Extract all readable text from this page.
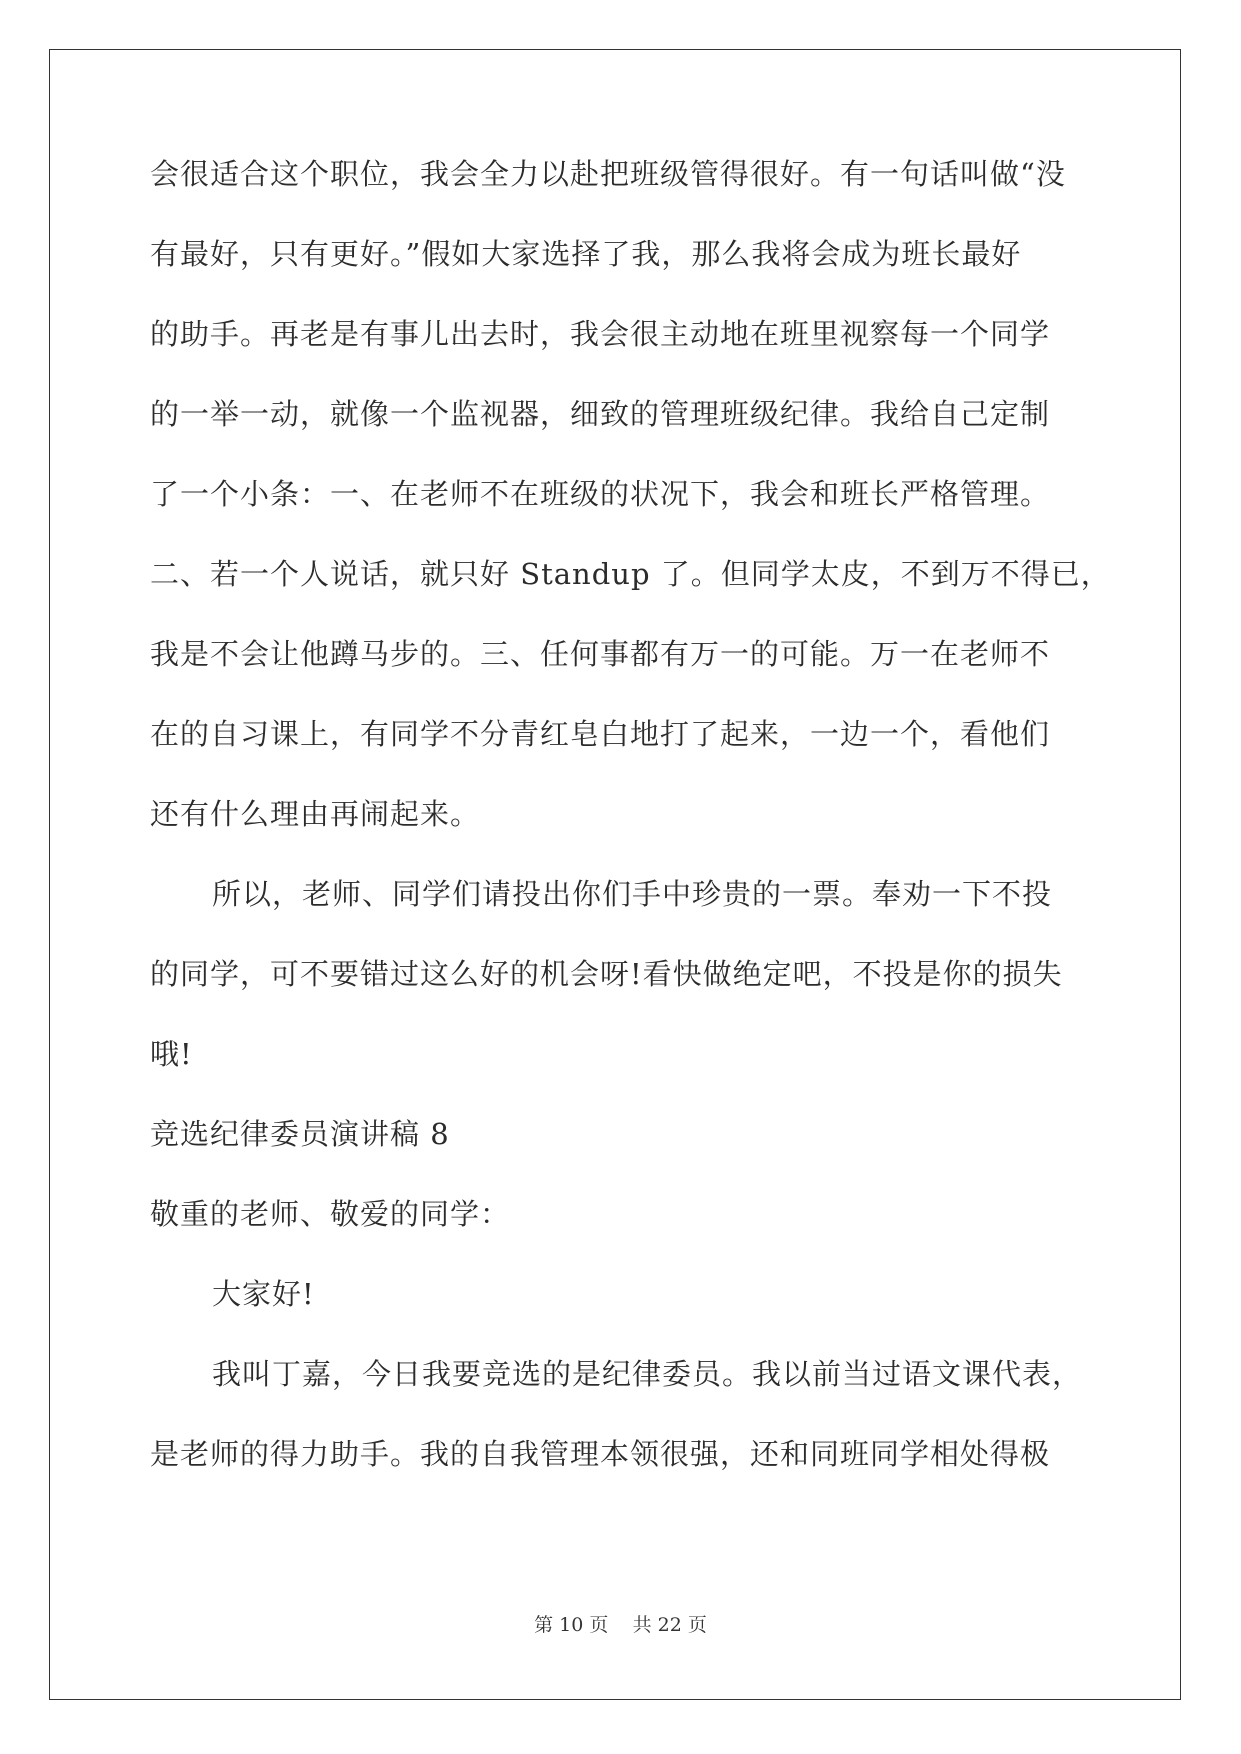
会很适合这个职位，我会全力以赴把班级管得很好。有一句话叫做“没

有最好，只有更好。”假如大家选择了我，那么我将会成为班长最好

的助手。再老是有事儿出去时，我会很主动地在班里视察每一个同学

的一举一动，就像一个监视器，细致的管理班级纪律。我给自己定制

了一个小条：一、在老师不在班级的状况下，我会和班长严格管理。

二、若一个人说话，就只好 Standup 了。但同学太皮，不到万不得已，

我是不会让他蹲马步的。三、任何事都有万一的可能。万一在老师不

在的自习课上，有同学不分青红皂白地打了起来，一边一个，看他们

还有什么理由再闹起来。

所以，老师、同学们请投出你们手中珍贵的一票。奉劝一下不投

的同学，可不要错过这么好的机会呀!看快做绝定吧，不投是你的损失

哦!

竞选纪律委员演讲稿 8

敬重的老师、敬爱的同学：

大家好!

我叫丁嘉，今日我要竞选的是纪律委员。我以前当过语文课代表，

是老师的得力助手。我的自我管理本领很强，还和同班同学相处得极

第 10 页 共 22 页
